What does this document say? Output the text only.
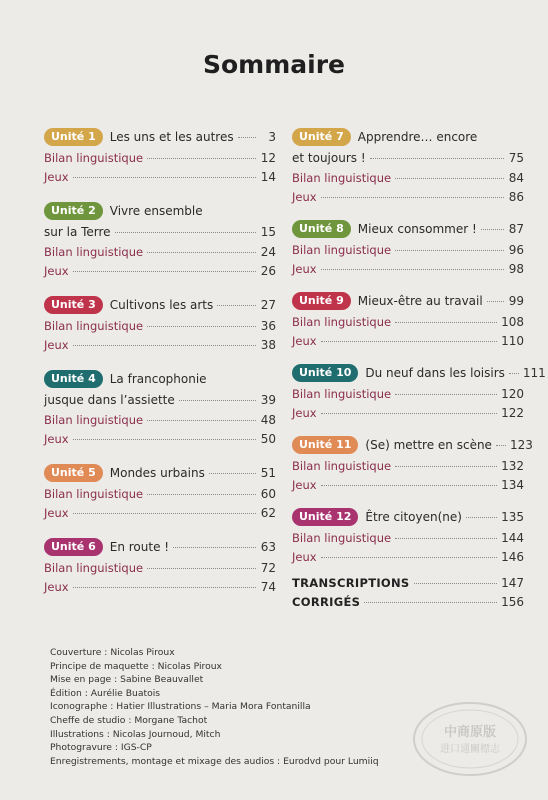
Sommaire
Unité 1	Les uns et les autres	3
Bilan linguistique	12
Jeux	14
Unité 2	Vivre ensemble
sur la Terre	15
Bilan linguistique	24
Jeux	26
Unité 3	Cultivons les arts	27
Bilan linguistique	36
Jeux	38
Unité 4	La francophonie
jusque dans l’assiette	39
Bilan linguistique	48
Jeux	50
Unité 5	Mondes urbains	51
Bilan linguistique	60
Jeux	62
Unité 6	En route !	63
Bilan linguistique	72
Jeux	74
Unité 7	Apprendre… encore
et toujours !	75
Bilan linguistique	84
Jeux	86
Unité 8	Mieux consommer !	87
Bilan linguistique	96
Jeux	98
Unité 9	Mieux-être au travail 99
Bilan linguistique	108
Jeux	110
Unité 10	Du neuf dans les loisirs 111
Bilan linguistique	120
Jeux	122
Unité 11	(Se) mettre en scène 123
Bilan linguistique	132
Jeux	134
Unité 12	Être citoyen(ne)	135
Bilan linguistique	144
Jeux	146
TRANSCRIPTIONS	147
CORRIGÉS	156
Couverture : Nicolas Piroux
Principe de maquette : Nicolas Piroux
Mise en page : Sabine Beauvallet
Édition : Aurélie Buatois
Iconographe : Hatier Illustrations – Maria Mora Fontanilla
Cheffe de studio : Morgane Tachot
Illustrations : Nicolas Journoud, Mitch
Photogravure : IGS-CP
Enregistrements, montage et mixage des audios : Eurodvd pour Lumiiq
中商原版
进口通關標志
